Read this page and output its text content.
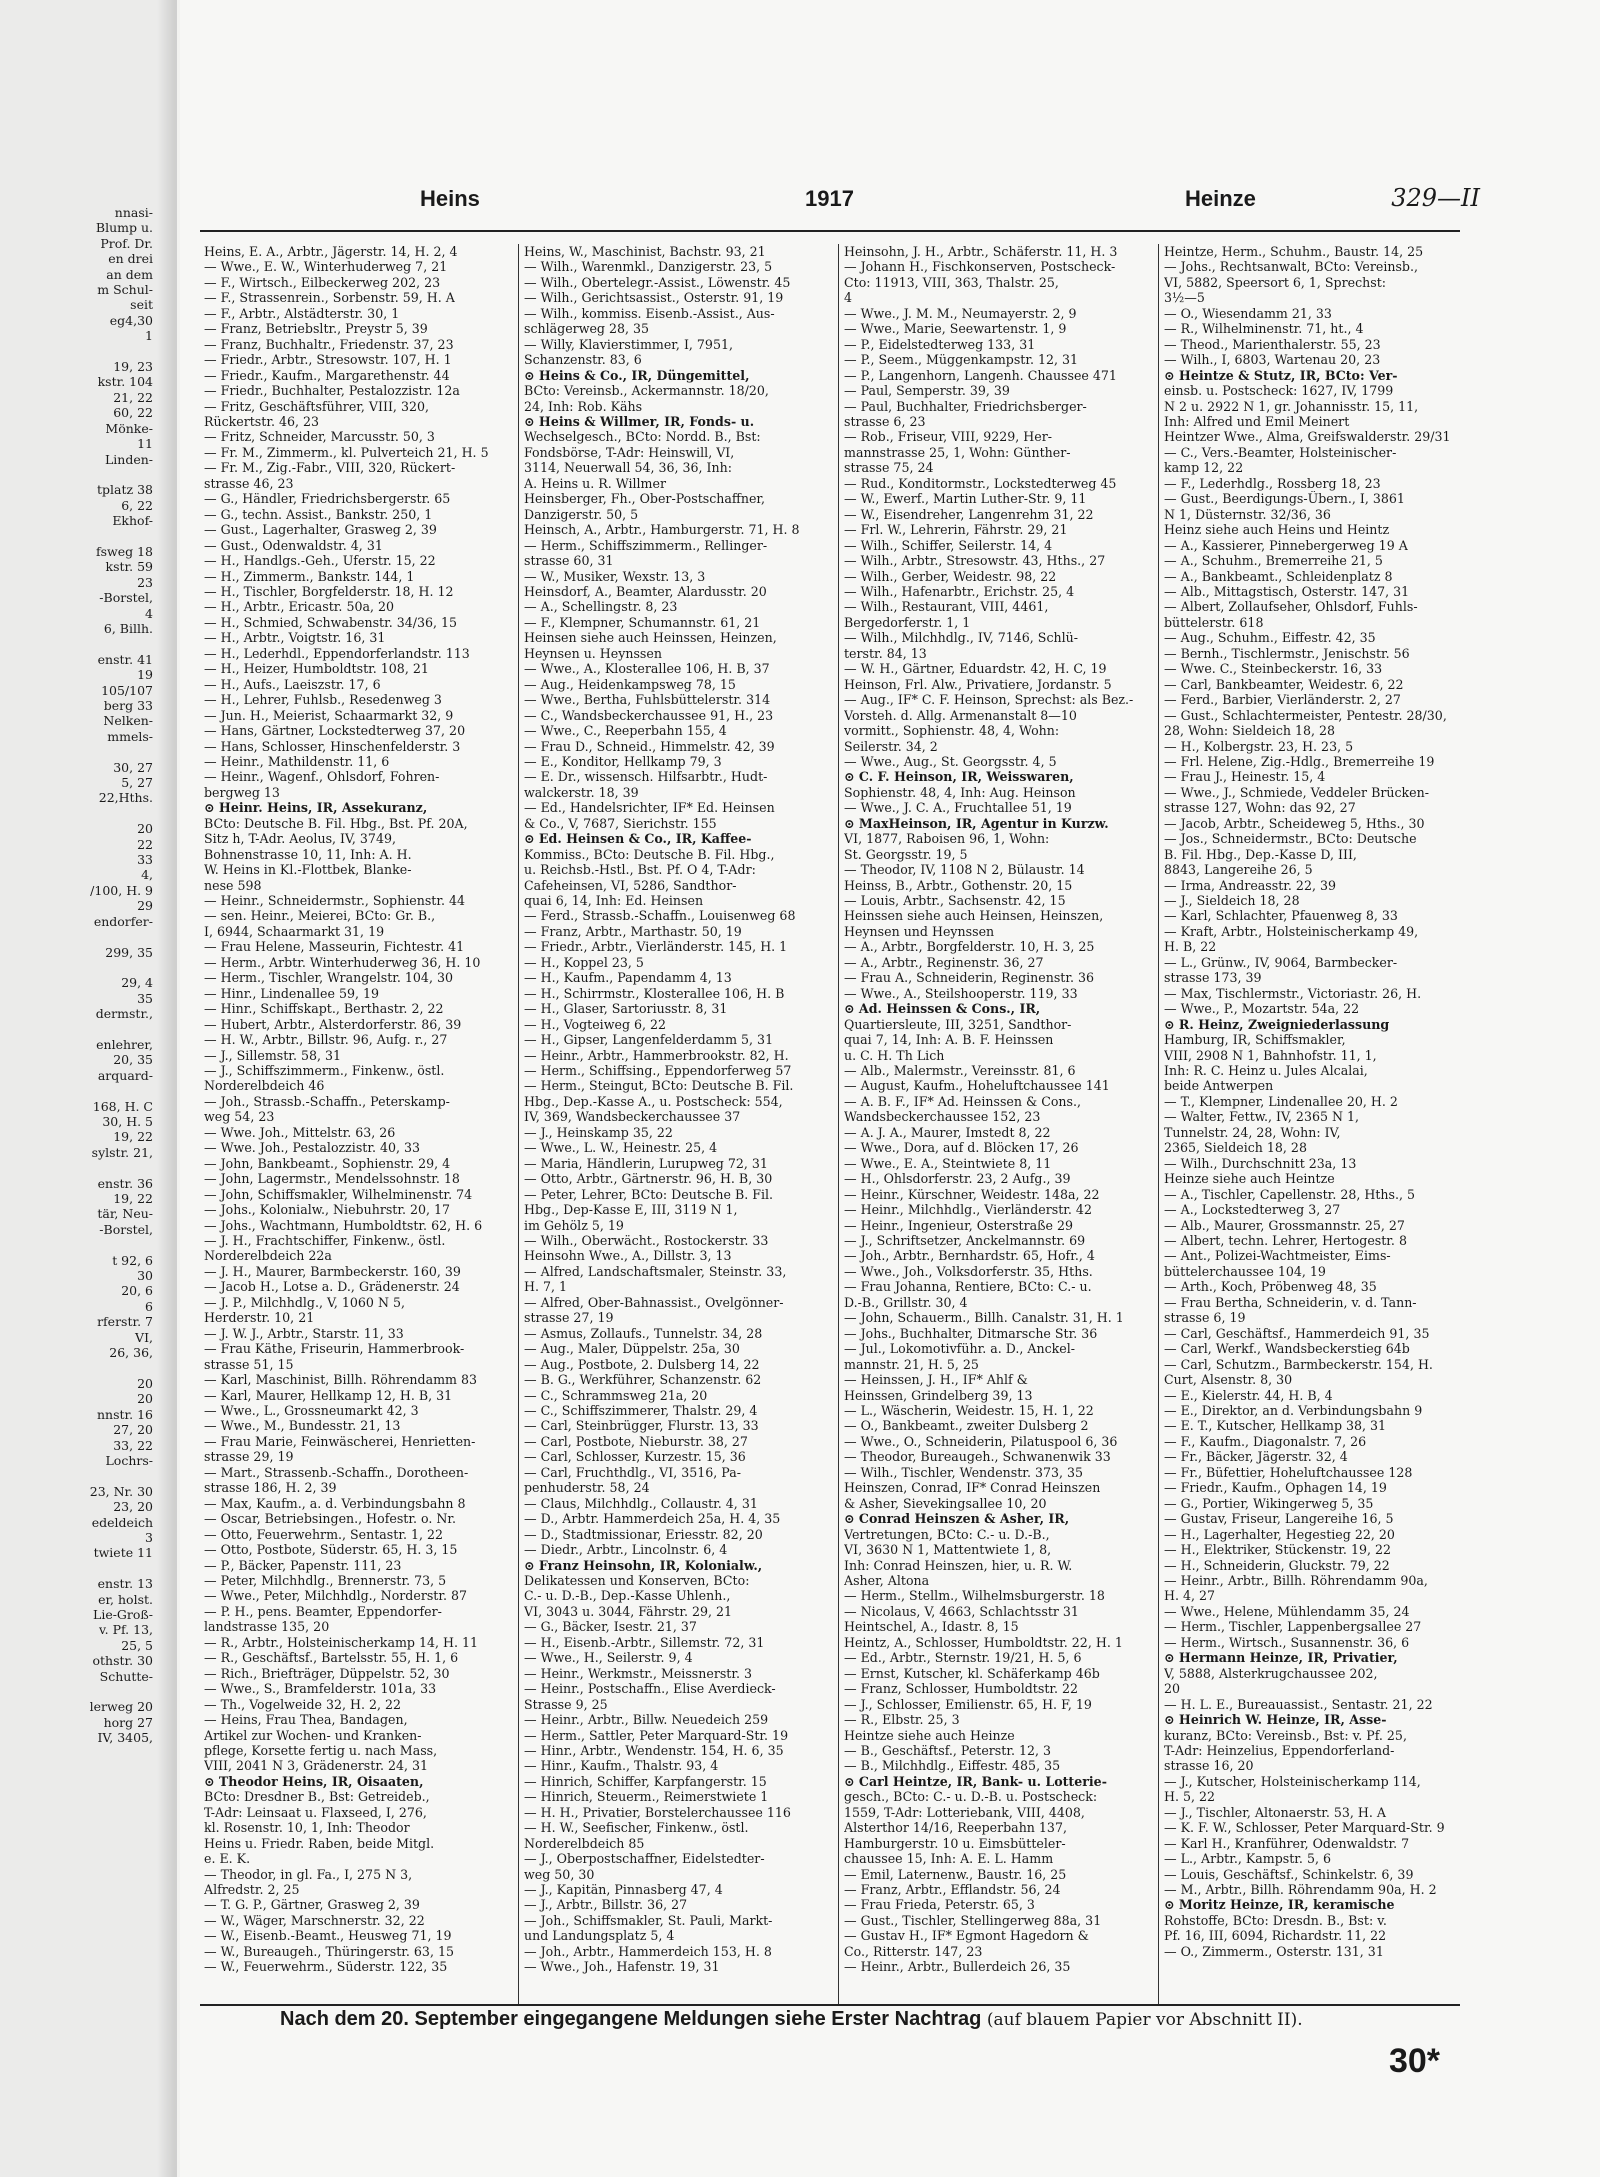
nnasi-
Blump u.
Prof. Dr.
en drei
an dem
m Schul-
seit
eg4,30
1

19, 23
kstr. 104
21, 22
60, 22
Mönke-
11
Linden-

tplatz 38
6, 22
Ekhof-

fsweg 18
kstr. 59
23
-Borstel,
4
6, Billh.

enstr. 41
19
105/107
berg 33
Nelken-
mmels-

30, 27
5, 27
22,Hths.

20
22
33
4,
/100, H. 9
29
endorfer-

299, 35

29, 4
35
dermstr.,

enlehrer,
20, 35
arquard-

168, H. C
30, H. 5
19, 22
sylstr. 21,

enstr. 36
19, 22
tär, Neu-
-Borstel,

t 92, 6
30
20, 6
6
rferstr. 7
VI,
26, 36,

20
20
nnstr. 16
27, 20
33, 22
Lochrs-

23, Nr. 30
23, 20
edeldeich
3
twiete 11

enstr. 13
er, holst.
Lie-Groß-
v. Pf. 13,
25, 5
othstr. 30
Schutte-

lerweg 20
horg 27
IV, 3405,
Heins	1917	Heinze	329—II
Heins, E. A., Arbtr., Jägerstr. 14, H. 2, 4
— Wwe., E. W., Winterhuderweg 7, 21
— F., Wirtsch., Eilbeckerweg 202, 23
— F., Strassenrein., Sorbenstr. 59, H. A
— F., Arbtr., Alstädterstr. 30, 1
— Franz, Betriebsltr., Preystr 5, 39
— Franz, Buchhaltr., Friedenstr. 37, 23
— Friedr., Arbtr., Stresowstr. 107, H. 1
— Friedr., Kaufm., Margarethenstr. 44
— Friedr., Buchhalter, Pestalozzistr. 12a
— Fritz, Geschäftsführer, VIII, 320,
Rückertstr. 46, 23
— Fritz, Schneider, Marcusstr. 50, 3
— Fr. M., Zimmerm., kl. Pulverteich 21, H. 5
— Fr. M., Zig.-Fabr., VIII, 320, Rückert-
strasse 46, 23
— G., Händler, Friedrichsbergerstr. 65
— G., techn. Assist., Bankstr. 250, 1
— Gust., Lagerhalter, Grasweg 2, 39
— Gust., Odenwaldstr. 4, 31
— H., Handlgs.-Geh., Uferstr. 15, 22
— H., Zimmerm., Bankstr. 144, 1
— H., Tischler, Borgfelderstr. 18, H. 12
— H., Arbtr., Ericastr. 50a, 20
— H., Schmied, Schwabenstr. 34/36, 15
— H., Arbtr., Voigtstr. 16, 31
— H., Lederhdl., Eppendorferlandstr. 113
— H., Heizer, Humboldtstr. 108, 21
— H., Aufs., Laeiszstr. 17, 6
— H., Lehrer, Fuhlsb., Resedenweg 3
— Jun. H., Meierist, Schaarmarkt 32, 9
— Hans, Gärtner, Lockstedterweg 37, 20
— Hans, Schlosser, Hinschenfelderstr. 3
— Heinr., Mathildenstr. 11, 6
— Heinr., Wagenf., Ohlsdorf, Fohren-
bergweg 13
⊙ Heinr. Heins, IR, Assekuranz,
BCto: Deutsche B. Fil. Hbg., Bst. Pf. 20A,
Sitz h, T-Adr. Aeolus, IV, 3749,
Bohnenstrasse 10, 11, Inh: A. H.
W. Heins in Kl.-Flottbek, Blanke-
nese 598
— Heinr., Schneidermstr., Sophienstr. 44
— sen. Heinr., Meierei, BCto: Gr. B.,
I, 6944, Schaarmarkt 31, 19
— Frau Helene, Masseurin, Fichtestr. 41
— Herm., Arbtr. Winterhuderweg 36, H. 10
— Herm., Tischler, Wrangelstr. 104, 30
— Hinr., Lindenallee 59, 19
— Hinr., Schiffskapt., Berthastr. 2, 22
— Hubert, Arbtr., Alsterdorferstr. 86, 39
— H. W., Arbtr., Billstr. 96, Aufg. r., 27
— J., Sillemstr. 58, 31
— J., Schiffszimmerm., Finkenw., östl.
Norderelbdeich 46
— Joh., Strassb.-Schaffn., Peterskamp-
weg 54, 23
— Wwe. Joh., Mittelstr. 63, 26
— Wwe. Joh., Pestalozzistr. 40, 33
— John, Bankbeamt., Sophienstr. 29, 4
— John, Lagermstr., Mendelssohnstr. 18
— John, Schiffsmakler, Wilhelminenstr. 74
— Johs., Kolonialw., Niebuhrstr. 20, 17
— Johs., Wachtmann, Humboldtstr. 62, H. 6
— J. H., Frachtschiffer, Finkenw., östl.
Norderelbdeich 22a
— J. H., Maurer, Barmbeckerstr. 160, 39
— Jacob H., Lotse a. D., Grädenerstr. 24
— J. P., Milchhdlg., V, 1060 N 5,
Herderstr. 10, 21
— J. W. J., Arbtr., Starstr. 11, 33
— Frau Käthe, Friseurin, Hammerbrook-
strasse 51, 15
— Karl, Maschinist, Billh. Röhrendamm 83
— Karl, Maurer, Hellkamp 12, H. B, 31
— Wwe., L., Grossneumarkt 42, 3
— Wwe., M., Bundesstr. 21, 13
— Frau Marie, Feinwäscherei, Henrietten-
strasse 29, 19
— Mart., Strassenb.-Schaffn., Dorotheen-
strasse 186, H. 2, 39
— Max, Kaufm., a. d. Verbindungsbahn 8
— Oscar, Betriebsingen., Hofestr. o. Nr.
— Otto, Feuerwehrm., Sentastr. 1, 22
— Otto, Postbote, Süderstr. 65, H. 3, 15
— P., Bäcker, Papenstr. 111, 23
— Peter, Milchhdlg., Brennerstr. 73, 5
— Wwe., Peter, Milchhdlg., Norderstr. 87
— P. H., pens. Beamter, Eppendorfer-
landstrasse 135, 20
— R., Arbtr., Holsteinischerkamp 14, H. 11
— R., Geschäftsf., Bartelsstr. 55, H. 1, 6
— Rich., Briefträger, Düppelstr. 52, 30
— Wwe., S., Bramfelderstr. 101a, 33
— Th., Vogelweide 32, H. 2, 22
— Heins, Frau Thea, Bandagen,
Artikel zur Wochen- und Kranken-
pflege, Korsette fertig u. nach Mass,
VIII, 2041 N 3, Grädenerstr. 24, 31
⊙ Theodor Heins, IR, Oisaaten,
BCto: Dresdner B., Bst: Getreideb.,
T-Adr: Leinsaat u. Flaxseed, I, 276,
kl. Rosenstr. 10, 1, Inh: Theodor
Heins u. Friedr. Raben, beide Mitgl.
e. E. K.
— Theodor, in gl. Fa., I, 275 N 3,
Alfredstr. 2, 25
— T. G. P., Gärtner, Grasweg 2, 39
— W., Wäger, Marschnerstr. 32, 22
— W., Eisenb.-Beamt., Heusweg 71, 19
— W., Bureaugeh., Thüringerstr. 63, 15
— W., Feuerwehrm., Süderstr. 122, 35
Heins, W., Maschinist, Bachstr. 93, 21
— Wilh., Warenmkl., Danzigerstr. 23, 5
— Wilh., Obertelegr.-Assist., Löwenstr. 45
— Wilh., Gerichtsassist., Osterstr. 91, 19
— Wilh., kommiss. Eisenb.-Assist., Aus-
schlägerweg 28, 35
— Willy, Klavierstimmer, I, 7951,
Schanzenstr. 83, 6
⊙ Heins & Co., IR, Düngemittel,
BCto: Vereinsb., Ackermannstr. 18/20,
24, Inh: Rob. Kähs
⊙ Heins & Willmer, IR, Fonds- u.
Wechselgesch., BCto: Nordd. B., Bst:
Fondsbörse, T-Adr: Heinswill, VI,
3114, Neuerwall 54, 36, 36, Inh:
A. Heins u. R. Willmer
Heinsberger, Fh., Ober-Postschaffner,
Danzigerstr. 50, 5
Heinsch, A., Arbtr., Hamburgerstr. 71, H. 8
— Herm., Schiffszimmerm., Rellinger-
strasse 60, 31
— W., Musiker, Wexstr. 13, 3
Heinsdorf, A., Beamter, Alardusstr. 20
— A., Schellingstr. 8, 23
— F., Klempner, Schumannstr. 61, 21
Heinsen siehe auch Heinssen, Heinzen,
Heynsen u. Heynssen
— Wwe., A., Klosterallee 106, H. B, 37
— Aug., Heidenkampsweg 78, 15
— Wwe., Bertha, Fuhlsbüttelerstr. 314
— C., Wandsbeckerchaussee 91, H., 23
— Wwe., C., Reeperbahn 155, 4
— Frau D., Schneid., Himmelstr. 42, 39
— E., Konditor, Hellkamp 79, 3
— E. Dr., wissensch. Hilfsarbtr., Hudt-
walckerstr. 18, 39
— Ed., Handelsrichter, IF* Ed. Heinsen
& Co., V, 7687, Sierichstr. 155
⊙ Ed. Heinsen & Co., IR, Kaffee-
Kommiss., BCto: Deutsche B. Fil. Hbg.,
u. Reichsb.-Hstl., Bst. Pf. O 4, T-Adr:
Cafeheinsen, VI, 5286, Sandthor-
quai 6, 14, Inh: Ed. Heinsen
— Ferd., Strassb.-Schaffn., Louisenweg 68
— Franz, Arbtr., Marthastr. 50, 19
— Friedr., Arbtr., Vierländerstr. 145, H. 1
— H., Koppel 23, 5
— H., Kaufm., Papendamm 4, 13
— H., Schirrmstr., Klosterallee 106, H. B
— H., Glaser, Sartoriusstr. 8, 31
— H., Vogteiweg 6, 22
— H., Gipser, Langenfelderdamm 5, 31
— Heinr., Arbtr., Hammerbrookstr. 82, H.
— Herm., Schiffsing., Eppendorferweg 57
— Herm., Steingut, BCto: Deutsche B. Fil.
Hbg., Dep.-Kasse A., u. Postscheck: 554,
IV, 369, Wandsbeckerchaussee 37
— J., Heinskamp 35, 22
— Wwe., L. W., Heinestr. 25, 4
— Maria, Händlerin, Lurupweg 72, 31
— Otto, Arbtr., Gärtnerstr. 96, H. B, 30
— Peter, Lehrer, BCto: Deutsche B. Fil.
Hbg., Dep-Kasse E, III, 3119 N 1,
im Gehölz 5, 19
— Wilh., Oberwächt., Rostockerstr. 33
Heinsohn Wwe., A., Dillstr. 3, 13
— Alfred, Landschaftsmaler, Steinstr. 33,
H. 7, 1
— Alfred, Ober-Bahnassist., Ovelgönner-
strasse 27, 19
— Asmus, Zollaufs., Tunnelstr. 34, 28
— Aug., Maler, Düppelstr. 25a, 30
— Aug., Postbote, 2. Dulsberg 14, 22
— B. G., Werkführer, Schanzenstr. 62
— C., Schrammsweg 21a, 20
— C., Schiffszimmerer, Thalstr. 29, 4
— Carl, Steinbrügger, Flurstr. 13, 33
— Carl, Postbote, Nieburstr. 38, 27
— Carl, Schlosser, Kurzestr. 15, 36
— Carl, Fruchthdlg., VI, 3516, Pa-
penhuderstr. 58, 24
— Claus, Milchhdlg., Collaustr. 4, 31
— D., Arbtr. Hammerdeich 25a, H. 4, 35
— D., Stadtmissionar, Eriesstr. 82, 20
— Diedr., Arbtr., Lincolnstr. 6, 4
⊙ Franz Heinsohn, IR, Kolonialw.,
Delikatessen und Konserven, BCto:
C.- u. D.-B., Dep.-Kasse Uhlenh.,
VI, 3043 u. 3044, Fährstr. 29, 21
— G., Bäcker, Isestr. 21, 37
— H., Eisenb.-Arbtr., Sillemstr. 72, 31
— Wwe., H., Seilerstr. 9, 4
— Heinr., Werkmstr., Meissnerstr. 3
— Heinr., Postschaffn., Elise Averdieck-
Strasse 9, 25
— Heinr., Arbtr., Billw. Neuedeich 259
— Herm., Sattler, Peter Marquard-Str. 19
— Hinr., Arbtr., Wendenstr. 154, H. 6, 35
— Hinr., Kaufm., Thalstr. 93, 4
— Hinrich, Schiffer, Karpfangerstr. 15
— Hinrich, Steuerm., Reimerstwiete 1
— H. H., Privatier, Borstelerchaussee 116
— H. W., Seefischer, Finkenw., östl.
Norderelbdeich 85
— J., Oberpostschaffner, Eidelstedter-
weg 50, 30
— J., Kapitän, Pinnasberg 47, 4
— J., Arbtr., Billstr. 36, 27
— Joh., Schiffsmakler, St. Pauli, Markt-
und Landungsplatz 5, 4
— Joh., Arbtr., Hammerdeich 153, H. 8
— Wwe., Joh., Hafenstr. 19, 31
Heinsohn, J. H., Arbtr., Schäferstr. 11, H. 3
— Johann H., Fischkonserven, Postscheck-
Cto: 11913, VIII, 363, Thalstr. 25,
4
— Wwe., J. M. M., Neumayerstr. 2, 9
— Wwe., Marie, Seewartenstr. 1, 9
— P., Eidelstedterweg 133, 31
— P., Seem., Müggenkampstr. 12, 31
— P., Langenhorn, Langenh. Chaussee 471
— Paul, Semperstr. 39, 39
— Paul, Buchhalter, Friedrichsberger-
strasse 6, 23
— Rob., Friseur, VIII, 9229, Her-
mannstrasse 25, 1, Wohn: Günther-
strasse 75, 24
— Rud., Konditormstr., Lockstedterweg 45
— W., Ewerf., Martin Luther-Str. 9, 11
— W., Eisendreher, Langenrehm 31, 22
— Frl. W., Lehrerin, Fährstr. 29, 21
— Wilh., Schiffer, Seilerstr. 14, 4
— Wilh., Arbtr., Stresowstr. 43, Hths., 27
— Wilh., Gerber, Weidestr. 98, 22
— Wilh., Hafenarbtr., Erichstr. 25, 4
— Wilh., Restaurant, VIII, 4461,
Bergedorferstr. 1, 1
— Wilh., Milchhdlg., IV, 7146, Schlü-
terstr. 84, 13
— W. H., Gärtner, Eduardstr. 42, H. C, 19
Heinson, Frl. Alw., Privatiere, Jordanstr. 5
— Aug., IF* C. F. Heinson, Sprechst: als Bez.-
Vorsteh. d. Allg. Armenanstalt 8—10
vormitt., Sophienstr. 48, 4, Wohn:
Seilerstr. 34, 2
— Wwe., Aug., St. Georgsstr. 4, 5
⊙ C. F. Heinson, IR, Weisswaren,
Sophienstr. 48, 4, Inh: Aug. Heinson
— Wwe., J. C. A., Fruchtallee 51, 19
⊙ MaxHeinson, IR, Agentur in Kurzw.
VI, 1877, Raboisen 96, 1, Wohn:
St. Georgsstr. 19, 5
— Theodor, IV, 1108 N 2, Bülaustr. 14
Heinss, B., Arbtr., Gothenstr. 20, 15
— Louis, Arbtr., Sachsenstr. 42, 15
Heinssen siehe auch Heinsen, Heinszen,
Heynsen und Heynssen
— A., Arbtr., Borgfelderstr. 10, H. 3, 25
— A., Arbtr., Reginenstr. 36, 27
— Frau A., Schneiderin, Reginenstr. 36
— Wwe., A., Steilshooperstr. 119, 33
⊙ Ad. Heinssen & Cons., IR,
Quartiersleute, III, 3251, Sandthor-
quai 7, 14, Inh: A. B. F. Heinssen
u. C. H. Th Lich
— Alb., Malermstr., Vereinsstr. 81, 6
— August, Kaufm., Hoheluftchaussee 141
— A. B. F., IF* Ad. Heinssen & Cons.,
Wandsbeckerchaussee 152, 23
— A. J. A., Maurer, Imstedt 8, 22
— Wwe., Dora, auf d. Blöcken 17, 26
— Wwe., E. A., Steintwiete 8, 11
— H., Ohlsdorferstr. 23, 2 Aufg., 39
— Heinr., Kürschner, Weidestr. 148a, 22
— Heinr., Milchhdlg., Vierländerstr. 42
— Heinr., Ingenieur, Osterstraße 29
— J., Schriftsetzer, Anckelmannstr. 69
— Joh., Arbtr., Bernhardstr. 65, Hofr., 4
— Wwe., Joh., Volksdorferstr. 35, Hths.
— Frau Johanna, Rentiere, BCto: C.- u.
D.-B., Grillstr. 30, 4
— John, Schauerm., Billh. Canalstr. 31, H. 1
— Johs., Buchhalter, Ditmarsche Str. 36
— Jul., Lokomotivführ. a. D., Anckel-
mannstr. 21, H. 5, 25
— Heinssen, J. H., IF* Ahlf &
Heinssen, Grindelberg 39, 13
— L., Wäscherin, Weidestr. 15, H. 1, 22
— O., Bankbeamt., zweiter Dulsberg 2
— Wwe., O., Schneiderin, Pilatuspool 6, 36
— Theodor, Bureaugeh., Schwanenwik 33
— Wilh., Tischler, Wendenstr. 373, 35
Heinszen, Conrad, IF* Conrad Heinszen
& Asher, Sievekingsallee 10, 20
⊙ Conrad Heinszen & Asher, IR,
Vertretungen, BCto: C.- u. D.-B.,
VI, 3630 N 1, Mattentwiete 1, 8,
Inh: Conrad Heinszen, hier, u. R. W.
Asher, Altona
— Herm., Stellm., Wilhelmsburgerstr. 18
— Nicolaus, V, 4663, Schlachtsstr 31
Heintschel, A., Idastr. 8, 15
Heintz, A., Schlosser, Humboldtstr. 22, H. 1
— Ed., Arbtr., Sternstr. 19/21, H. 5, 6
— Ernst, Kutscher, kl. Schäferkamp 46b
— Franz, Schlosser, Humboldtstr. 22
— J., Schlosser, Emilienstr. 65, H. F, 19
— R., Elbstr. 25, 3
Heintze siehe auch Heinze
— B., Geschäftsf., Peterstr. 12, 3
— B., Milchhdlg., Eiffestr. 485, 35
⊙ Carl Heintze, IR, Bank- u. Lotterie-
gesch., BCto: C.- u. D.-B. u. Postscheck:
1559, T-Adr: Lotteriebank, VIII, 4408,
Alsterthor 14/16, Reeperbahn 137,
Hamburgerstr. 10 u. Eimsbütteler-
chaussee 15, Inh: A. E. L. Hamm
— Emil, Laternenw., Baustr. 16, 25
— Franz, Arbtr., Efflandstr. 56, 24
— Frau Frieda, Peterstr. 65, 3
— Gust., Tischler, Stellingerweg 88a, 31
— Gustav H., IF* Egmont Hagedorn &
Co., Ritterstr. 147, 23
— Heinr., Arbtr., Bullerdeich 26, 35
Heintze, Herm., Schuhm., Baustr. 14, 25
— Johs., Rechtsanwalt, BCto: Vereinsb.,
VI, 5882, Speersort 6, 1, Sprechst:
3½—5
— O., Wiesendamm 21, 33
— R., Wilhelminenstr. 71, ht., 4
— Theod., Marienthalerstr. 55, 23
— Wilh., I, 6803, Wartenau 20, 23
⊙ Heintze & Stutz, IR, BCto: Ver-
einsb. u. Postscheck: 1627, IV, 1799
N 2 u. 2922 N 1, gr. Johannisstr. 15, 11,
Inh: Alfred und Emil Meinert
Heintzer Wwe., Alma, Greifswalderstr. 29/31
— C., Vers.-Beamter, Holsteinischer-
kamp 12, 22
— F., Lederhdlg., Rossberg 18, 23
— Gust., Beerdigungs-Übern., I, 3861
N 1, Düsternstr. 32/36, 36
Heinz siehe auch Heins und Heintz
— A., Kassierer, Pinnebergerweg 19 A
— A., Schuhm., Bremerreihe 21, 5
— A., Bankbeamt., Schleidenplatz 8
— Alb., Mittagstisch, Osterstr. 147, 31
— Albert, Zollaufseher, Ohlsdorf, Fuhls-
büttelerstr. 618
— Aug., Schuhm., Eiffestr. 42, 35
— Bernh., Tischlermstr., Jenischstr. 56
— Wwe. C., Steinbeckerstr. 16, 33
— Carl, Bankbeamter, Weidestr. 6, 22
— Ferd., Barbier, Vierländerstr. 2, 27
— Gust., Schlachtermeister, Pentestr. 28/30,
28, Wohn: Sieldeich 18, 28
— H., Kolbergstr. 23, H. 23, 5
— Frl. Helene, Zig.-Hdlg., Bremerreihe 19
— Frau J., Heinestr. 15, 4
— Wwe., J., Schmiede, Veddeler Brücken-
strasse 127, Wohn: das 92, 27
— Jacob, Arbtr., Scheideweg 5, Hths., 30
— Jos., Schneidermstr., BCto: Deutsche
B. Fil. Hbg., Dep.-Kasse D, III,
8843, Langereihe 26, 5
— Irma, Andreasstr. 22, 39
— J., Sieldeich 18, 28
— Karl, Schlachter, Pfauenweg 8, 33
— Kraft, Arbtr., Holsteinischerkamp 49,
H. B, 22
— L., Grünw., IV, 9064, Barmbecker-
strasse 173, 39
— Max, Tischlermstr., Victoriastr. 26, H.
— Wwe., P., Mozartstr. 54a, 22
⊙ R. Heinz, Zweigniederlassung
Hamburg, IR, Schiffsmakler,
VIII, 2908 N 1, Bahnhofstr. 11, 1,
Inh: R. C. Heinz u. Jules Alcalai,
beide Antwerpen
— T., Klempner, Lindenallee 20, H. 2
— Walter, Fettw., IV, 2365 N 1,
Tunnelstr. 24, 28, Wohn: IV,
2365, Sieldeich 18, 28
— Wilh., Durchschnitt 23a, 13
Heinze siehe auch Heintze
— A., Tischler, Capellenstr. 28, Hths., 5
— A., Lockstedterweg 3, 27
— Alb., Maurer, Grossmannstr. 25, 27
— Albert, techn. Lehrer, Hertogestr. 8
— Ant., Polizei-Wachtmeister, Eims-
büttelerchaussee 104, 19
— Arth., Koch, Pröbenweg 48, 35
— Frau Bertha, Schneiderin, v. d. Tann-
strasse 6, 19
— Carl, Geschäftsf., Hammerdeich 91, 35
— Carl, Werkf., Wandsbeckerstieg 64b
— Carl, Schutzm., Barmbeckerstr. 154, H.
Curt, Alsenstr. 8, 30
— E., Kielerstr. 44, H. B, 4
— E., Direktor, an d. Verbindungsbahn 9
— E. T., Kutscher, Hellkamp 38, 31
— F., Kaufm., Diagonalstr. 7, 26
— Fr., Bäcker, Jägerstr. 32, 4
— Fr., Büfettier, Hoheluftchaussee 128
— Friedr., Kaufm., Ophagen 14, 19
— G., Portier, Wikingerweg 5, 35
— Gustav, Friseur, Langereihe 16, 5
— H., Lagerhalter, Hegestieg 22, 20
— H., Elektriker, Stückenstr. 19, 22
— H., Schneiderin, Gluckstr. 79, 22
— Heinr., Arbtr., Billh. Röhrendamm 90a,
H. 4, 27
— Wwe., Helene, Mühlendamm 35, 24
— Herm., Tischler, Lappenbergsallee 27
— Herm., Wirtsch., Susannenstr. 36, 6
⊙ Hermann Heinze, IR, Privatier,
V, 5888, Alsterkrugchaussee 202,
20
— H. L. E., Bureauassist., Sentastr. 21, 22
⊙ Heinrich W. Heinze, IR, Asse-
kuranz, BCto: Vereinsb., Bst: v. Pf. 25,
T-Adr: Heinzelius, Eppendorferland-
strasse 16, 20
— J., Kutscher, Holsteinischerkamp 114,
H. 5, 22
— J., Tischler, Altonaerstr. 53, H. A
— K. F. W., Schlosser, Peter Marquard-Str. 9
— Karl H., Kranführer, Odenwaldstr. 7
— L., Arbtr., Kampstr. 5, 6
— Louis, Geschäftsf., Schinkelstr. 6, 39
— M., Arbtr., Billh. Röhrendamm 90a, H. 2
⊙ Moritz Heinze, IR, keramische
Rohstoffe, BCto: Dresdn. B., Bst: v.
Pf. 16, III, 6094, Richardstr. 11, 22
— O., Zimmerm., Osterstr. 131, 31
Nach dem 20. September eingegangene Meldungen siehe Erster Nachtrag (auf blauem Papier vor Abschnitt II).
30*
